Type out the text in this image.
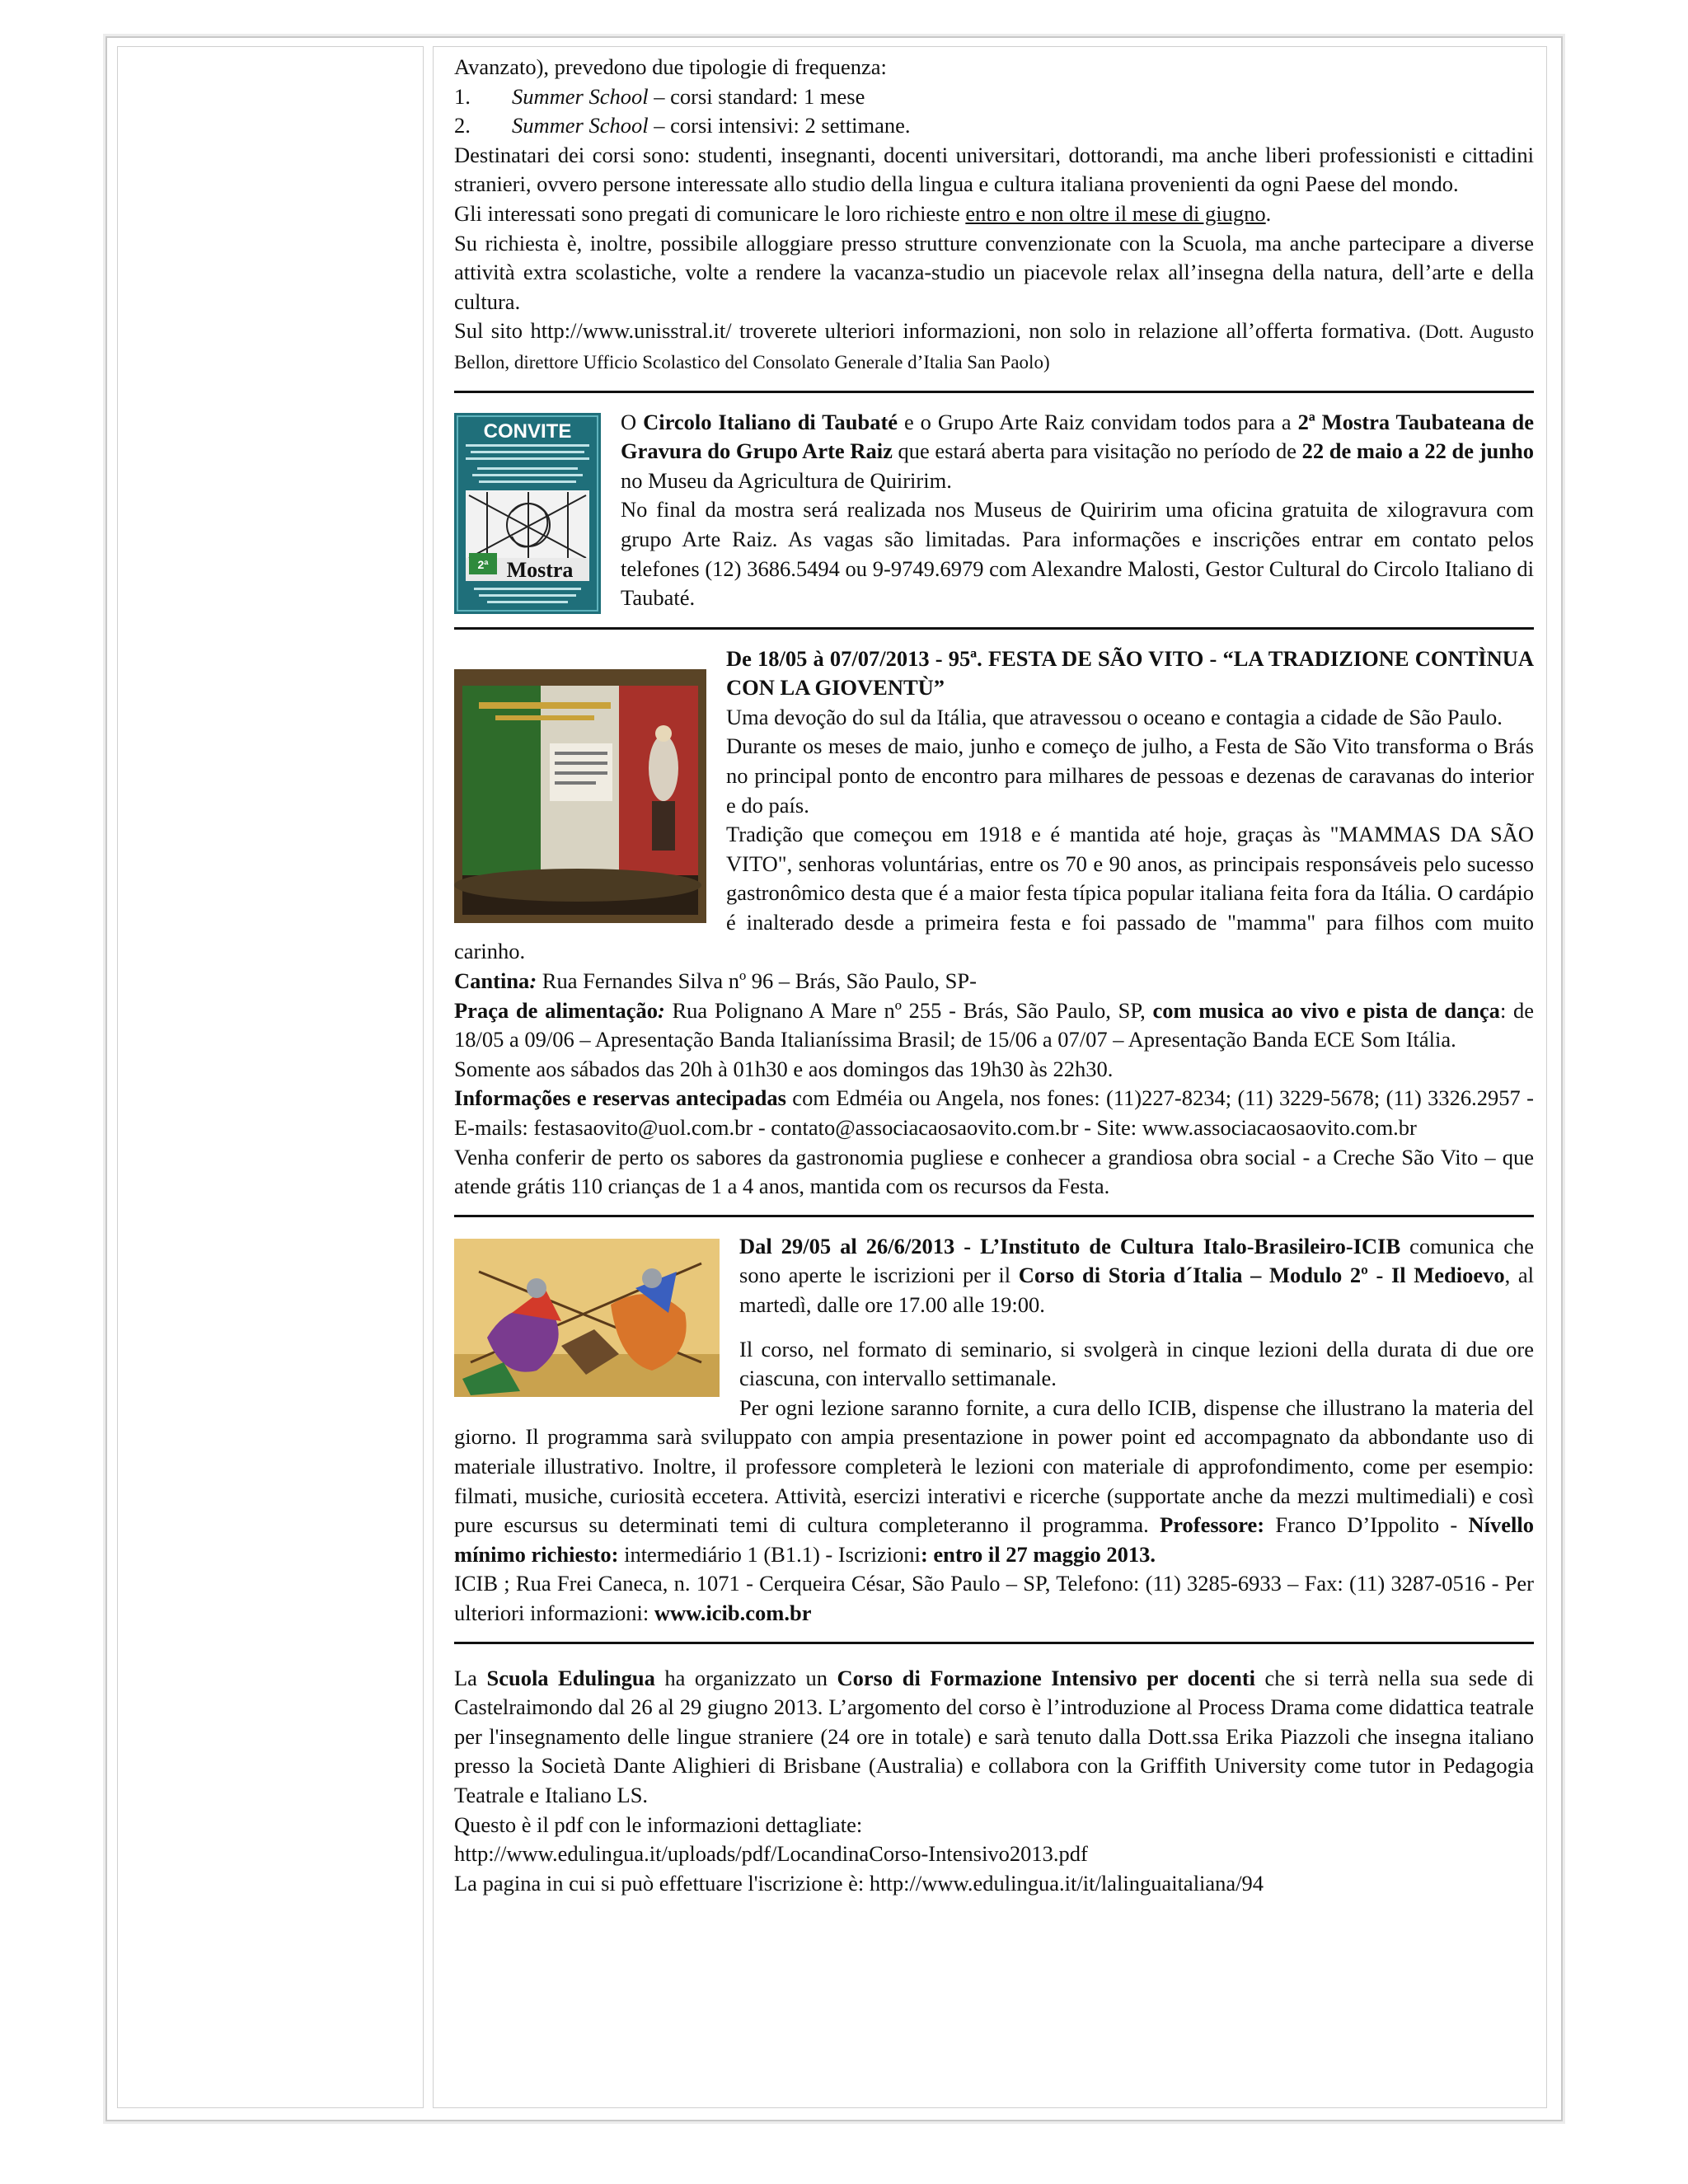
Avanzato), prevedono due tipologie di frequenza:

1.	Summer School – corsi standard: 1 mese
2.	Summer School – corsi intensivi: 2 settimane.

Destinatari dei corsi sono: studenti, insegnanti, docenti universitari, dottorandi, ma anche liberi professionisti e cittadini stranieri, ovvero persone interessate allo studio della lingua e cultura italiana provenienti da ogni Paese del mondo.

Gli interessati sono pregati di comunicare le loro richieste entro e non oltre il mese di giugno.

Su richiesta è, inoltre, possibile alloggiare presso strutture convenzionate con la Scuola, ma anche partecipare a diverse attività extra scolastiche, volte a rendere la vacanza-studio un piacevole relax all’insegna della natura, dell’arte e della cultura.

Sul sito http://www.unisstral.it/ troverete ulteriori informazioni, non solo in relazione all’offerta formativa. (Dott. Augusto Bellon, direttore Ufficio Scolastico del Consolato Generale d’Italia San Paolo)

CONVITE
2ª Mostra

O Circolo Italiano di Taubaté e o Grupo Arte Raiz convidam todos para a 2ª Mostra Taubateana de Gravura do Grupo Arte Raiz que estará aberta para visitação no período de 22 de maio a 22 de junho no Museu da Agricultura de Quiririm.

No final da mostra será realizada nos Museus de Quiririm uma oficina gratuita de xilogravura com grupo Arte Raiz. As vagas são limitadas. Para informações e inscrições entrar em contato pelos telefones (12) 3686.5494 ou 9-9749.6979 com Alexandre Malosti, Gestor Cultural do Circolo Italiano di Taubaté.

De 18/05 à 07/07/2013 - 95ª. FESTA DE SÃO VITO - “LA TRADIZIONE CONTÌNUA CON LA GIOVENTÙ”

Uma devoção do sul da Itália, que atravessou o oceano e contagia a cidade de São Paulo.

Durante os meses de maio, junho e começo de julho, a Festa de São Vito transforma o Brás no principal ponto de encontro para milhares de pessoas e dezenas de caravanas do interior e do país.

Tradição que começou em 1918 e é mantida até hoje, graças às "MAMMAS DA SÃO VITO", senhoras voluntárias, entre os 70 e 90 anos, as principais responsáveis pelo sucesso gastronômico desta que é a maior festa típica popular italiana feita fora da Itália. O cardápio é inalterado desde a primeira festa e foi passado de "mamma" para filhos com muito carinho.

Cantina: Rua Fernandes Silva nº 96 – Brás, São Paulo, SP-

Praça de alimentação: Rua Polignano A Mare nº 255 - Brás, São Paulo, SP, com musica ao vivo e pista de dança: de 18/05 a 09/06 – Apresentação Banda Italianíssima Brasil; de 15/06 a 07/07 – Apresentação Banda ECE Som Itália.

Somente aos sábados das 20h à 01h30 e aos domingos das 19h30 às 22h30.

Informações e reservas antecipadas com Edméia ou Angela, nos fones: (11)227-8234; (11) 3229-5678; (11) 3326.2957 - E-mails: festasaovito@uol.com.br - contato@associacaosaovito.com.br - Site: www.associacaosaovito.com.br

Venha conferir de perto os sabores da gastronomia pugliese e conhecer a grandiosa obra social - a Creche São Vito – que atende grátis 110 crianças de 1 a 4 anos, mantida com os recursos da Festa.

Dal 29/05 al 26/6/2013 - L’Instituto de Cultura Italo-Brasileiro-ICIB comunica che sono aperte le iscrizioni per il Corso di Storia d´Italia – Modulo 2º - Il Medioevo, al martedì, dalle ore 17.00 alle 19:00.

Il corso, nel formato di seminario, si svolgerà in cinque lezioni della durata di due ore ciascuna, con intervallo settimanale.

Per ogni lezione saranno fornite, a cura dello ICIB, dispense che illustrano la materia del giorno. Il programma sarà sviluppato con ampia presentazione in power point ed accompagnato da abbondante uso di materiale illustrativo. Inoltre, il professore completerà le lezioni con materiale di approfondimento, come per esempio: filmati, musiche, curiosità eccetera. Attività, esercizi interativi e ricerche (supportate anche da mezzi multimediali) e così pure escursus su determinati temi di cultura completeranno il programma. Professore: Franco D’Ippolito - Nívello mínimo richiesto: intermediário 1 (B1.1) - Iscrizioni: entro il 27 maggio 2013.

ICIB ; Rua Frei Caneca, n. 1071 - Cerqueira César, São Paulo – SP, Telefono: (11) 3285-6933 – Fax: (11) 3287-0516 - Per ulteriori informazioni: www.icib.com.br

La Scuola Edulingua ha organizzato un Corso di Formazione Intensivo per docenti che si terrà nella sua sede di Castelraimondo dal 26 al 29 giugno 2013. L’argomento del corso è l’introduzione al Process Drama come didattica teatrale per l'insegnamento delle lingue straniere (24 ore in totale) e sarà tenuto dalla Dott.ssa Erika Piazzoli che insegna italiano presso la Società Dante Alighieri di Brisbane (Australia) e collabora con la Griffith University come tutor in Pedagogia Teatrale e Italiano LS.

Questo è il pdf con le informazioni dettagliate:

http://www.edulingua.it/uploads/pdf/LocandinaCorso-Intensivo2013.pdf

La pagina in cui si può effettuare l'iscrizione è: http://www.edulingua.it/it/lalinguaitaliana/94
